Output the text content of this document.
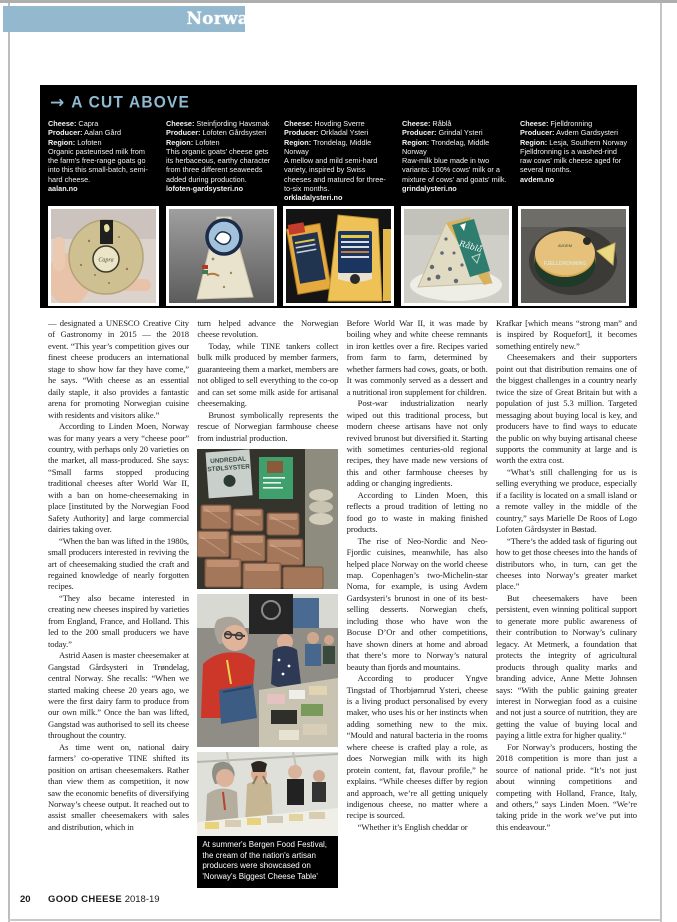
Norway
→ A CUT ABOVE
Cheese: Capra
Producer: Aalan Gård
Region: Lofoten
Organic pasteurised milk from the farm's free-range goats go into this this small-batch, semi-hard cheese.
aalan.no
Cheese: Steinfjording Havsmak
Producer: Lofoten Gårdsysteri
Region: Lofoten
This organic goats' cheese gets its herbaceous, earthy character from three different seaweeds added during production.
lofoten-gardsysteri.no
Cheese: Hovding Sverre
Producer: Orkladal Ysteri
Region: Trondelag, Middle Norway
A mellow and mild semi-hard variety, inspired by Swiss cheeses and matured for three-to-six months.
orkladalysteri.no
Cheese: Råblå
Producer: Grindal Ysteri
Region: Trondelag, Middle Norway
Raw-milk blue made in two variants: 100% cows' milk or a mixture of cows' and goats' milk.
grindalysteri.no
Cheese: Fjelldronning
Producer: Avdem Gardsysteri
Region: Lesja, Southern Norway
Fjelldronning is a washed-rind raw cows' milk cheese aged for several months.
avdem.no
Capra
Råblå
FJELLDRONNING
AVDEM

— designated a UNESCO Creative City of Gastronomy in 2015 — the 2018 event. “This year’s competition gives our finest cheese producers an international stage to show how far they have come,” he says. “With cheese as an essential daily staple, it also provides a fantastic arena for promoting Norwegian cuisine with residents and visitors alike.”

According to Linden Moen, Norway was for many years a very “cheese poor” country, with perhaps only 20 varieties on the market, all mass-produced. She says: “Small farms stopped producing traditional cheeses after World War II, with a ban on home-cheesemaking in place [instituted by the Norwegian Food Safety Authority] and large commercial dairies taking over.

“When the ban was lifted in the 1980s, small producers interested in reviving the art of cheesemaking studied the craft and regained knowledge of nearly forgotten recipes.

“They also became interested in creating new cheeses inspired by varieties from England, France, and Holland. This led to the 200 small producers we have today.”

Astrid Aasen is master cheesemaker at Gangstad Gårdsysteri in Trøndelag, central Norway. She recalls: “When we started making cheese 20 years ago, we were the first dairy farm to produce from our own milk.” Once the ban was lifted, Gangstad was authorised to sell its cheese throughout the country.

As time went on, national dairy farmers’ co-operative TINE shifted its position on artisan cheesemakers. Rather than view them as competition, it now saw the economic benefits of diversifying Norway’s cheese output. It reached out to assist smaller cheesemakers with sales and distribution, which in

turn helped advance the Norwegian cheese revolution.

Today, while TINE tankers collect bulk milk produced by member farmers, guaranteeing them a market, members are not obliged to sell everything to the co-op and can set some milk aside for artisanal cheesemaking.

Brunost symbolically represents the rescue of Norwegian farmhouse cheese from industrial production.

UNDREDAL
STØLSYSTER
At summer's Bergen Food Festival, the cream of the nation's artisan producers were showcased on 'Norway's Biggest Cheese Table'

Before World War II, it was made by boiling whey and white cheese remnants in iron kettles over a fire. Recipes varied from farm to farm, determined by whether farmers had cows, goats, or both. It was commonly served as a dessert and a nutritional iron supplement for children.

Post-war industrialization nearly wiped out this traditional process, but modern cheese artisans have not only revived brunost but diversified it. Starting with sometimes centuries-old regional recipes, they have made new versions of this and other farmhouse cheeses by adding or changing ingredients.

According to Linden Moen, this reflects a proud tradition of letting no food go to waste in making finished products.

The rise of Neo-Nordic and Neo-Fjordic cuisines, meanwhile, has also helped place Norway on the world cheese map. Copenhagen’s two-Michelin-star Noma, for example, is using Avdem Gardsysteri’s brunost in one of its best-selling desserts. Norwegian chefs, including those who have won the Bocuse D’Or and other competitions, have shown diners at home and abroad that there’s more to Norway’s natural beauty than fjords and mountains.

According to producer Yngve Tingstad of Thorbjørnrud Ysteri, cheese is a living product personalised by every maker, who uses his or her instincts when adding something new to the mix. “Mould and natural bacteria in the rooms where cheese is crafted play a role, as does Norwegian milk with its high protein content, fat, flavour profile,” he explains. “While cheeses differ by region and approach, we’re all getting uniquely indigenous cheese, no matter where a recipe is sourced.

“Whether it’s English cheddar or

Krafkar [which means “strong man” and is inspired by Roquefort], it becomes something entirely new.”

Cheesemakers and their supporters point out that distribution remains one of the biggest challenges in a country nearly twice the size of Great Britain but with a population of just 5.3 million. Targeted messaging about buying local is key, and producers have to find ways to educate the public on why buying artisanal cheese supports the community at large and is worth the extra cost.

“What’s still challenging for us is selling everything we produce, especially if a facility is located on a small island or a remote valley in the middle of the country,” says Marielle De Roos of Logo Lofoten Gårdsyster in Bøstad.

“There’s the added task of figuring out how to get those cheeses into the hands of distributors who, in turn, can get the cheeses into Norway’s greater market place.”

But cheesemakers have been persistent, even winning political support to generate more public awareness of their contribution to Norway’s culinary legacy. At Metmerk, a foundation that protects the integrity of agricultural products through quality marks and branding advice, Anne Mette Johnsen says: “With the public gaining greater interest in Norwegian food as a cuisine and not just a source of nutrition, they are getting the value of buying local and paying a little extra for higher quality.”

For Norway’s producers, hosting the 2018 competition is more than just a source of national pride. “It’s not just about winning competitions and competing with Holland, France, Italy, and others,” says Linden Moen. “We’re taking pride in the work we’ve put into this endeavour.”

20 GOOD CHEESE 2018-19
